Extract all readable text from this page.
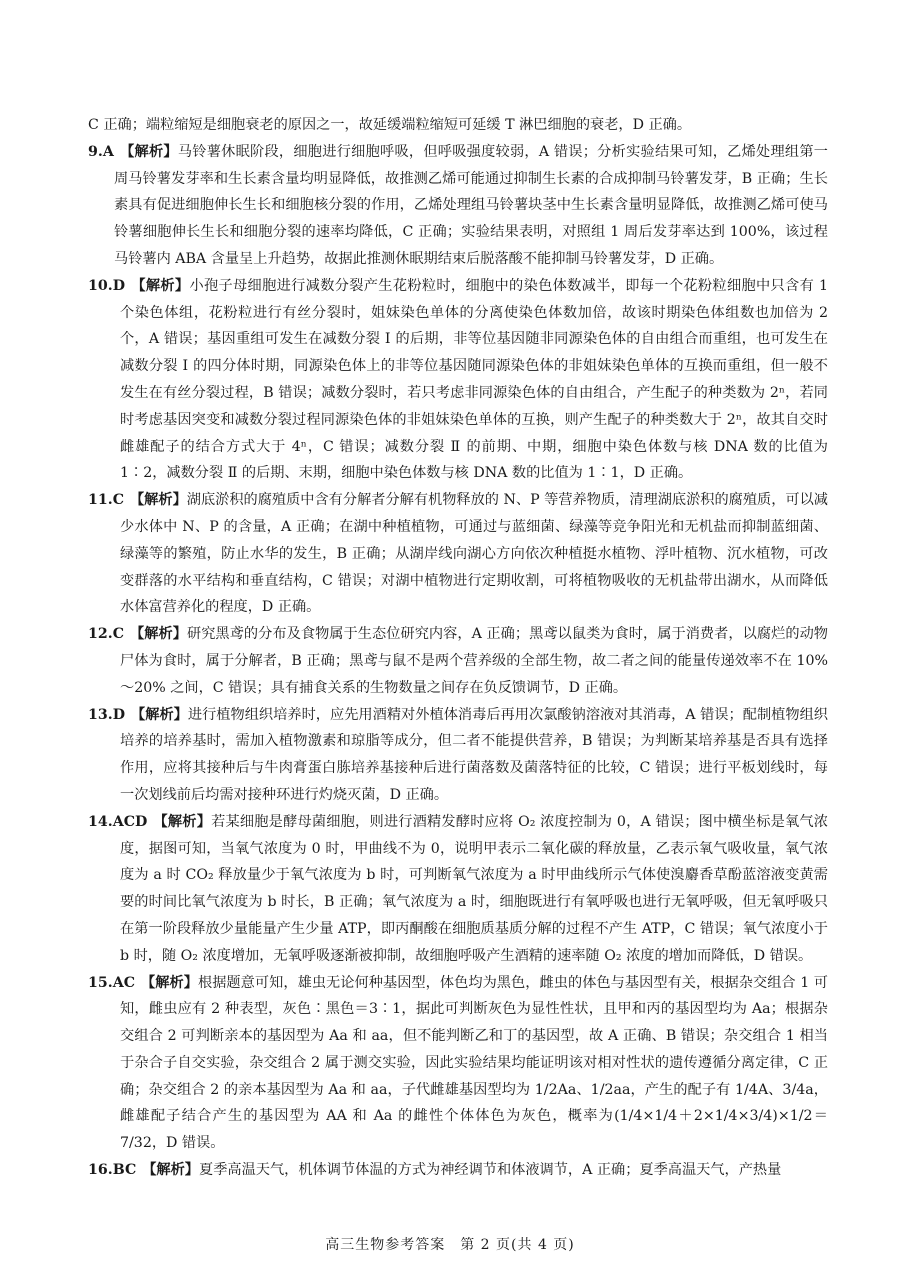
C 正确；端粒缩短是细胞衰老的原因之一，故延缓端粒缩短可延缓 T 淋巴细胞的衰老，D 正确。

9.A 【解析】马铃薯休眠阶段，细胞进行细胞呼吸，但呼吸强度较弱，A 错误；分析实验结果可知，乙烯处理组第一周马铃薯发芽率和生长素含量均明显降低，故推测乙烯可能通过抑制生长素的合成抑制马铃薯发芽，B 正确；生长素具有促进细胞伸长生长和细胞核分裂的作用，乙烯处理组马铃薯块茎中生长素含量明显降低，故推测乙烯可使马铃薯细胞伸长生长和细胞分裂的速率均降低，C 正确；实验结果表明，对照组 1 周后发芽率达到 100%，该过程马铃薯内 ABA 含量呈上升趋势，故据此推测休眠期结束后脱落酸不能抑制马铃薯发芽，D 正确。

10.D 【解析】小孢子母细胞进行减数分裂产生花粉粒时，细胞中的染色体数减半，即每一个花粉粒细胞中只含有 1 个染色体组，花粉粒进行有丝分裂时，姐妹染色单体的分离使染色体数加倍，故该时期染色体组数也加倍为 2 个，A 错误；基因重组可发生在减数分裂 Ⅰ 的后期，非等位基因随非同源染色体的自由组合而重组，也可发生在减数分裂 Ⅰ 的四分体时期，同源染色体上的非等位基因随同源染色体的非姐妹染色单体的互换而重组，但一般不发生在有丝分裂过程，B 错误；减数分裂时，若只考虑非同源染色体的自由组合，产生配子的种类数为 2ⁿ，若同时考虑基因突变和减数分裂过程同源染色体的非姐妹染色单体的互换，则产生配子的种类数大于 2ⁿ，故其自交时雌雄配子的结合方式大于 4ⁿ，C 错误；减数分裂 Ⅱ 的前期、中期，细胞中染色体数与核 DNA 数的比值为 1∶2，减数分裂 Ⅱ 的后期、末期，细胞中染色体数与核 DNA 数的比值为 1∶1，D 正确。

11.C 【解析】湖底淤积的腐殖质中含有分解者分解有机物释放的 N、P 等营养物质，清理湖底淤积的腐殖质，可以减少水体中 N、P 的含量，A 正确；在湖中种植植物，可通过与蓝细菌、绿藻等竞争阳光和无机盐而抑制蓝细菌、绿藻等的繁殖，防止水华的发生，B 正确；从湖岸线向湖心方向依次种植挺水植物、浮叶植物、沉水植物，可改变群落的水平结构和垂直结构，C 错误；对湖中植物进行定期收割，可将植物吸收的无机盐带出湖水，从而降低水体富营养化的程度，D 正确。

12.C 【解析】研究黑鸢的分布及食物属于生态位研究内容，A 正确；黑鸢以鼠类为食时，属于消费者，以腐烂的动物尸体为食时，属于分解者，B 正确；黑鸢与鼠不是两个营养级的全部生物，故二者之间的能量传递效率不在 10%～20% 之间，C 错误；具有捕食关系的生物数量之间存在负反馈调节，D 正确。

13.D 【解析】进行植物组织培养时，应先用酒精对外植体消毒后再用次氯酸钠溶液对其消毒，A 错误；配制植物组织培养的培养基时，需加入植物激素和琼脂等成分，但二者不能提供营养，B 错误；为判断某培养基是否具有选择作用，应将其接种后与牛肉膏蛋白胨培养基接种后进行菌落数及菌落特征的比较，C 错误；进行平板划线时，每一次划线前后均需对接种环进行灼烧灭菌，D 正确。

14.ACD 【解析】若某细胞是酵母菌细胞，则进行酒精发酵时应将 O₂ 浓度控制为 0，A 错误；图中横坐标是氧气浓度，据图可知，当氧气浓度为 0 时，甲曲线不为 0，说明甲表示二氧化碳的释放量，乙表示氧气吸收量，氧气浓度为 a 时 CO₂ 释放量少于氧气浓度为 b 时，可判断氧气浓度为 a 时甲曲线所示气体使溴麝香草酚蓝溶液变黄需要的时间比氧气浓度为 b 时长，B 正确；氧气浓度为 a 时，细胞既进行有氧呼吸也进行无氧呼吸，但无氧呼吸只在第一阶段释放少量能量产生少量 ATP，即丙酮酸在细胞质基质分解的过程不产生 ATP，C 错误；氧气浓度小于 b 时，随 O₂ 浓度增加，无氧呼吸逐渐被抑制，故细胞呼吸产生酒精的速率随 O₂ 浓度的增加而降低，D 错误。

15.AC 【解析】根据题意可知，雄虫无论何种基因型，体色均为黑色，雌虫的体色与基因型有关，根据杂交组合 1 可知，雌虫应有 2 种表型，灰色∶黑色＝3∶1，据此可判断灰色为显性性状，且甲和丙的基因型均为 Aa；根据杂交组合 2 可判断亲本的基因型为 Aa 和 aa，但不能判断乙和丁的基因型，故 A 正确、B 错误；杂交组合 1 相当于杂合子自交实验，杂交组合 2 属于测交实验，因此实验结果均能证明该对相对性状的遗传遵循分离定律，C 正确；杂交组合 2 的亲本基因型为 Aa 和 aa，子代雌雄基因型均为 1/2Aa、1/2aa，产生的配子有 1/4A、3/4a，雌雄配子结合产生的基因型为 AA 和 Aa 的雌性个体体色为灰色，概率为(1/4×1/4＋2×1/4×3/4)×1/2＝7/32，D 错误。

16.BC 【解析】夏季高温天气，机体调节体温的方式为神经调节和体液调节，A 正确；夏季高温天气，产热量

高三生物参考答案　第 2 页(共 4 页)
